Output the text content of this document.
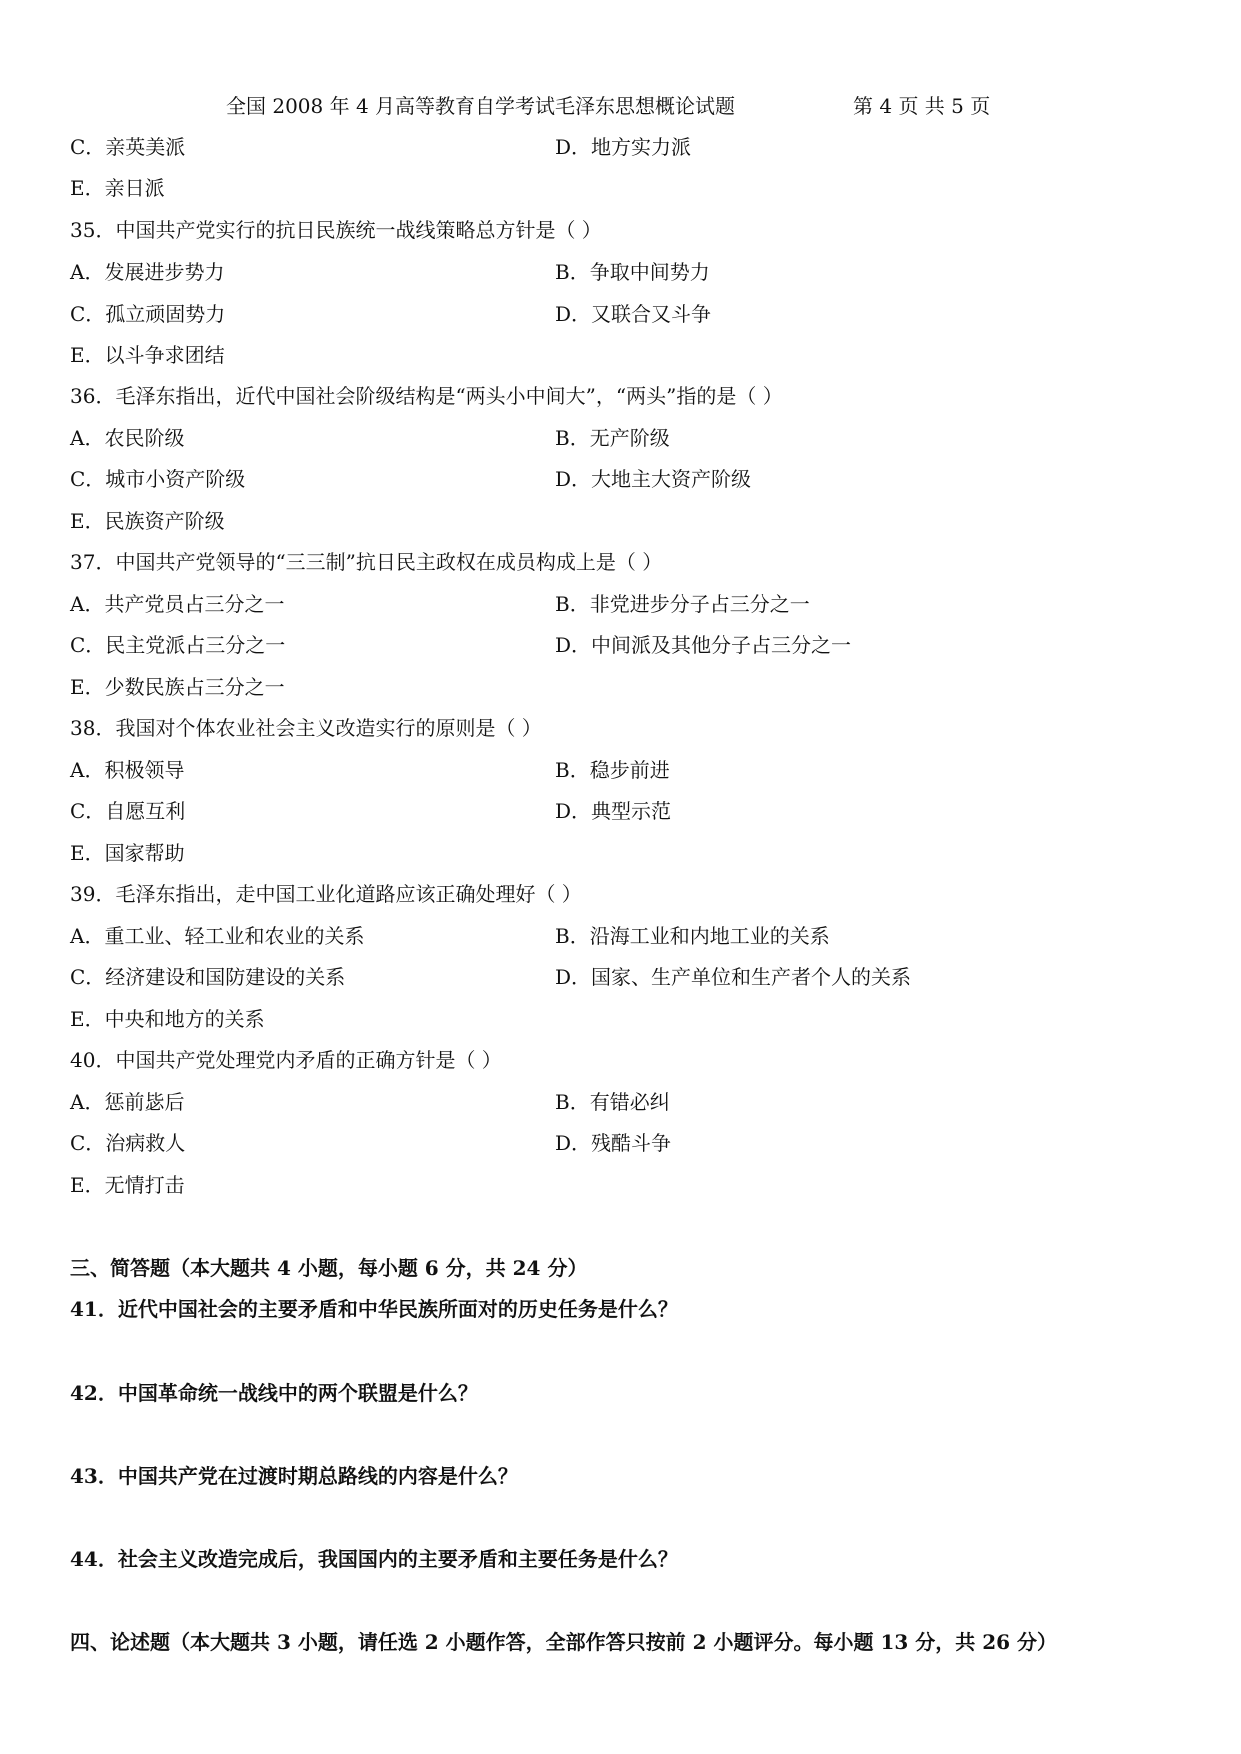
全国 2008 年 4 月高等教育自学考试毛泽东思想概论试题	第 4 页 共 5 页
C．亲英美派	D．地方实力派
E．亲日派
35．中国共产党实行的抗日民族统一战线策略总方针是（ ）
A．发展进步势力	B．争取中间势力
C．孤立顽固势力	D．又联合又斗争
E．以斗争求团结
36．毛泽东指出，近代中国社会阶级结构是“两头小中间大”，“两头”指的是（ ）
A．农民阶级	B．无产阶级
C．城市小资产阶级	D．大地主大资产阶级
E．民族资产阶级
37．中国共产党领导的“三三制”抗日民主政权在成员构成上是（ ）
A．共产党员占三分之一	B．非党进步分子占三分之一
C．民主党派占三分之一	D．中间派及其他分子占三分之一
E．少数民族占三分之一
38．我国对个体农业社会主义改造实行的原则是（ ）
A．积极领导	B．稳步前进
C．自愿互利	D．典型示范
E．国家帮助
39．毛泽东指出，走中国工业化道路应该正确处理好（ ）
A．重工业、轻工业和农业的关系	B．沿海工业和内地工业的关系
C．经济建设和国防建设的关系	D．国家、生产单位和生产者个人的关系
E．中央和地方的关系
40．中国共产党处理党内矛盾的正确方针是（ ）
A．惩前毖后	B．有错必纠
C．治病救人	D．残酷斗争
E．无情打击
三、简答题（本大题共 4 小题，每小题 6 分，共 24 分）
41．近代中国社会的主要矛盾和中华民族所面对的历史任务是什么？
42．中国革命统一战线中的两个联盟是什么？
43．中国共产党在过渡时期总路线的内容是什么？
44．社会主义改造完成后，我国国内的主要矛盾和主要任务是什么？
四、论述题（本大题共 3 小题，请任选 2 小题作答，全部作答只按前 2 小题评分。每小题 13 分，共 26 分）
